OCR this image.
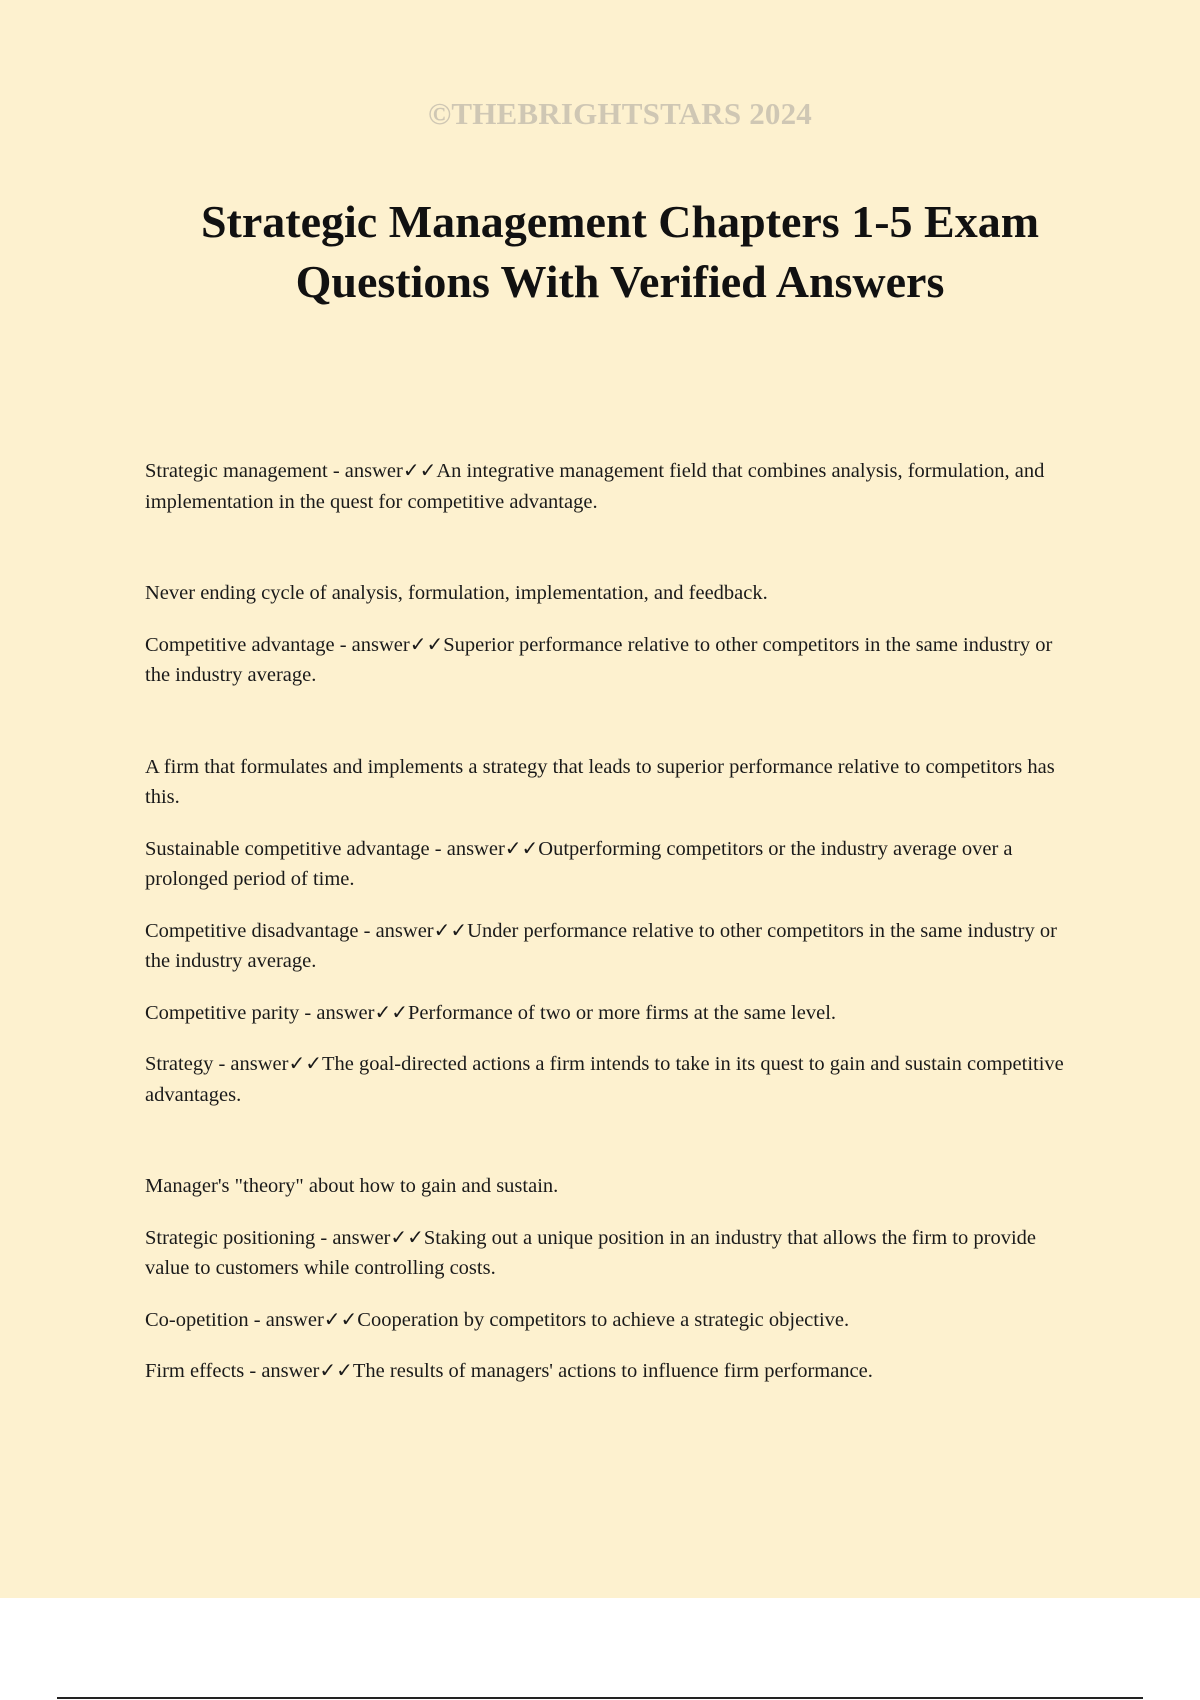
©THEBRIGHTSTARS 2024
Strategic Management Chapters 1-5 Exam Questions With Verified Answers
Strategic management - answer✓✓An integrative management field that combines analysis, formulation, and implementation in the quest for competitive advantage.
Never ending cycle of analysis, formulation, implementation, and feedback.
Competitive advantage - answer✓✓Superior performance relative to other competitors in the same industry or the industry average.
A firm that formulates and implements a strategy that leads to superior performance relative to competitors has this.
Sustainable competitive advantage - answer✓✓Outperforming competitors or the industry average over a prolonged period of time.
Competitive disadvantage - answer✓✓Under performance relative to other competitors in the same industry or the industry average.
Competitive parity - answer✓✓Performance of two or more firms at the same level.
Strategy - answer✓✓The goal-directed actions a firm intends to take in its quest to gain and sustain competitive advantages.
Manager's "theory" about how to gain and sustain.
Strategic positioning - answer✓✓Staking out a unique position in an industry that allows the firm to provide value to customers while controlling costs.
Co-opetition - answer✓✓Cooperation by competitors to achieve a strategic objective.
Firm effects - answer✓✓The results of managers' actions to influence firm performance.
